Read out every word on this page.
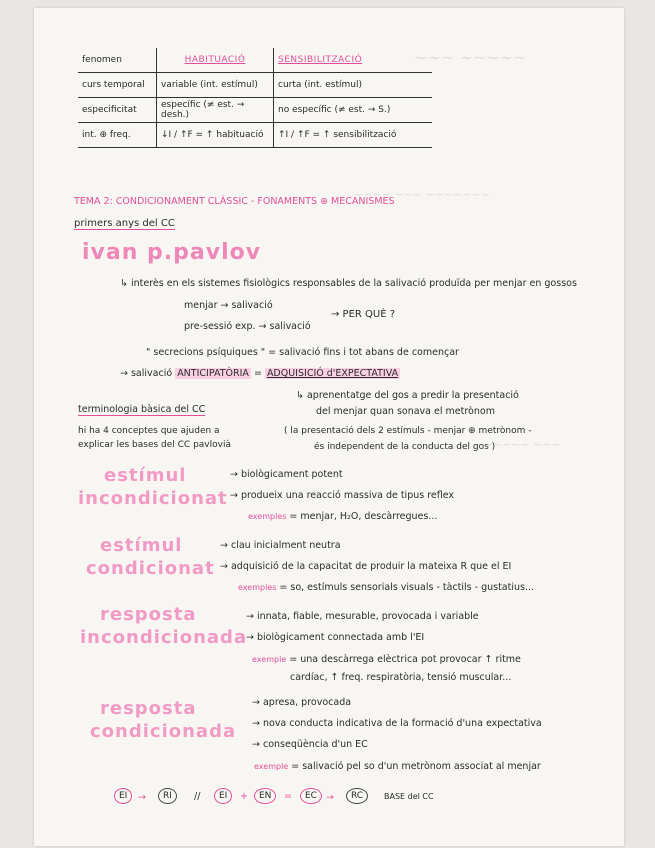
~~~ ~~~~~
~~~~ ~~~ ~~~~~~~
~~~~~~ ~~~
fenomen	HABITUACIÓ	SENSIBILITZACIÓ
curs temporal	variable (int. estímul)	curta (int. estímul)
especificitat	específic (≠ est. → desh.)	no específic (≠ est. → S.)
int. ⊕ freq.	↓I / ↑F = ↑ habituació	↑I / ↑F = ↑ sensibilització
TEMA 2: CONDICIONAMENT CLÀSSIC - FONAMENTS ⊕ MECANISMES
primers anys del CC
ivan p.pavlov
↳ interès en els sistemes fisiològics responsables de la salivació produïda per menjar en gossos
menjar → salivació
pre-sessió exp. → salivació
→ PER QUÈ ?
" secrecions psíquiques " = salivació fins i tot abans de començar
→ salivació ANTICIPATÒRIA = ADQUISICIÓ d'EXPECTATIVA
↳ aprenentatge del gos a predir la presentació
del menjar quan sonava el metrònom
( la presentació dels 2 estímuls - menjar ⊕ metrònom -
és independent de la conducta del gos )
terminologia bàsica del CC
hi ha 4 conceptes que ajuden a
explicar les bases del CC pavlovià
estímul
incondicionat
→ biològicament potent
→ produeix una reacció massiva de tipus reflex
exemples = menjar, H₂O, descàrregues...
estímul
condicionat
→ clau inicialment neutra
→ adquisició de la capacitat de produir la mateixa R que el EI
exemples = so, estímuls sensorials visuals - tàctils - gustatius...
resposta
incondicionada
→ innata, fiable, mesurable, provocada i variable
→ biològicament connectada amb l'EI
exemple = una descàrrega elèctrica pot provocar ↑ ritme
cardíac, ↑ freq. respiratòria, tensió muscular...
resposta
condicionada
→ apresa, provocada
→ nova conducta indicativa de la formació d'una expectativa
→ conseqüència d'un EC
exemple = salivació pel so d'un metrònom associat al menjar
EI	→	RI	//	EI	+	EN	=	EC →	RC	BASE del CC
